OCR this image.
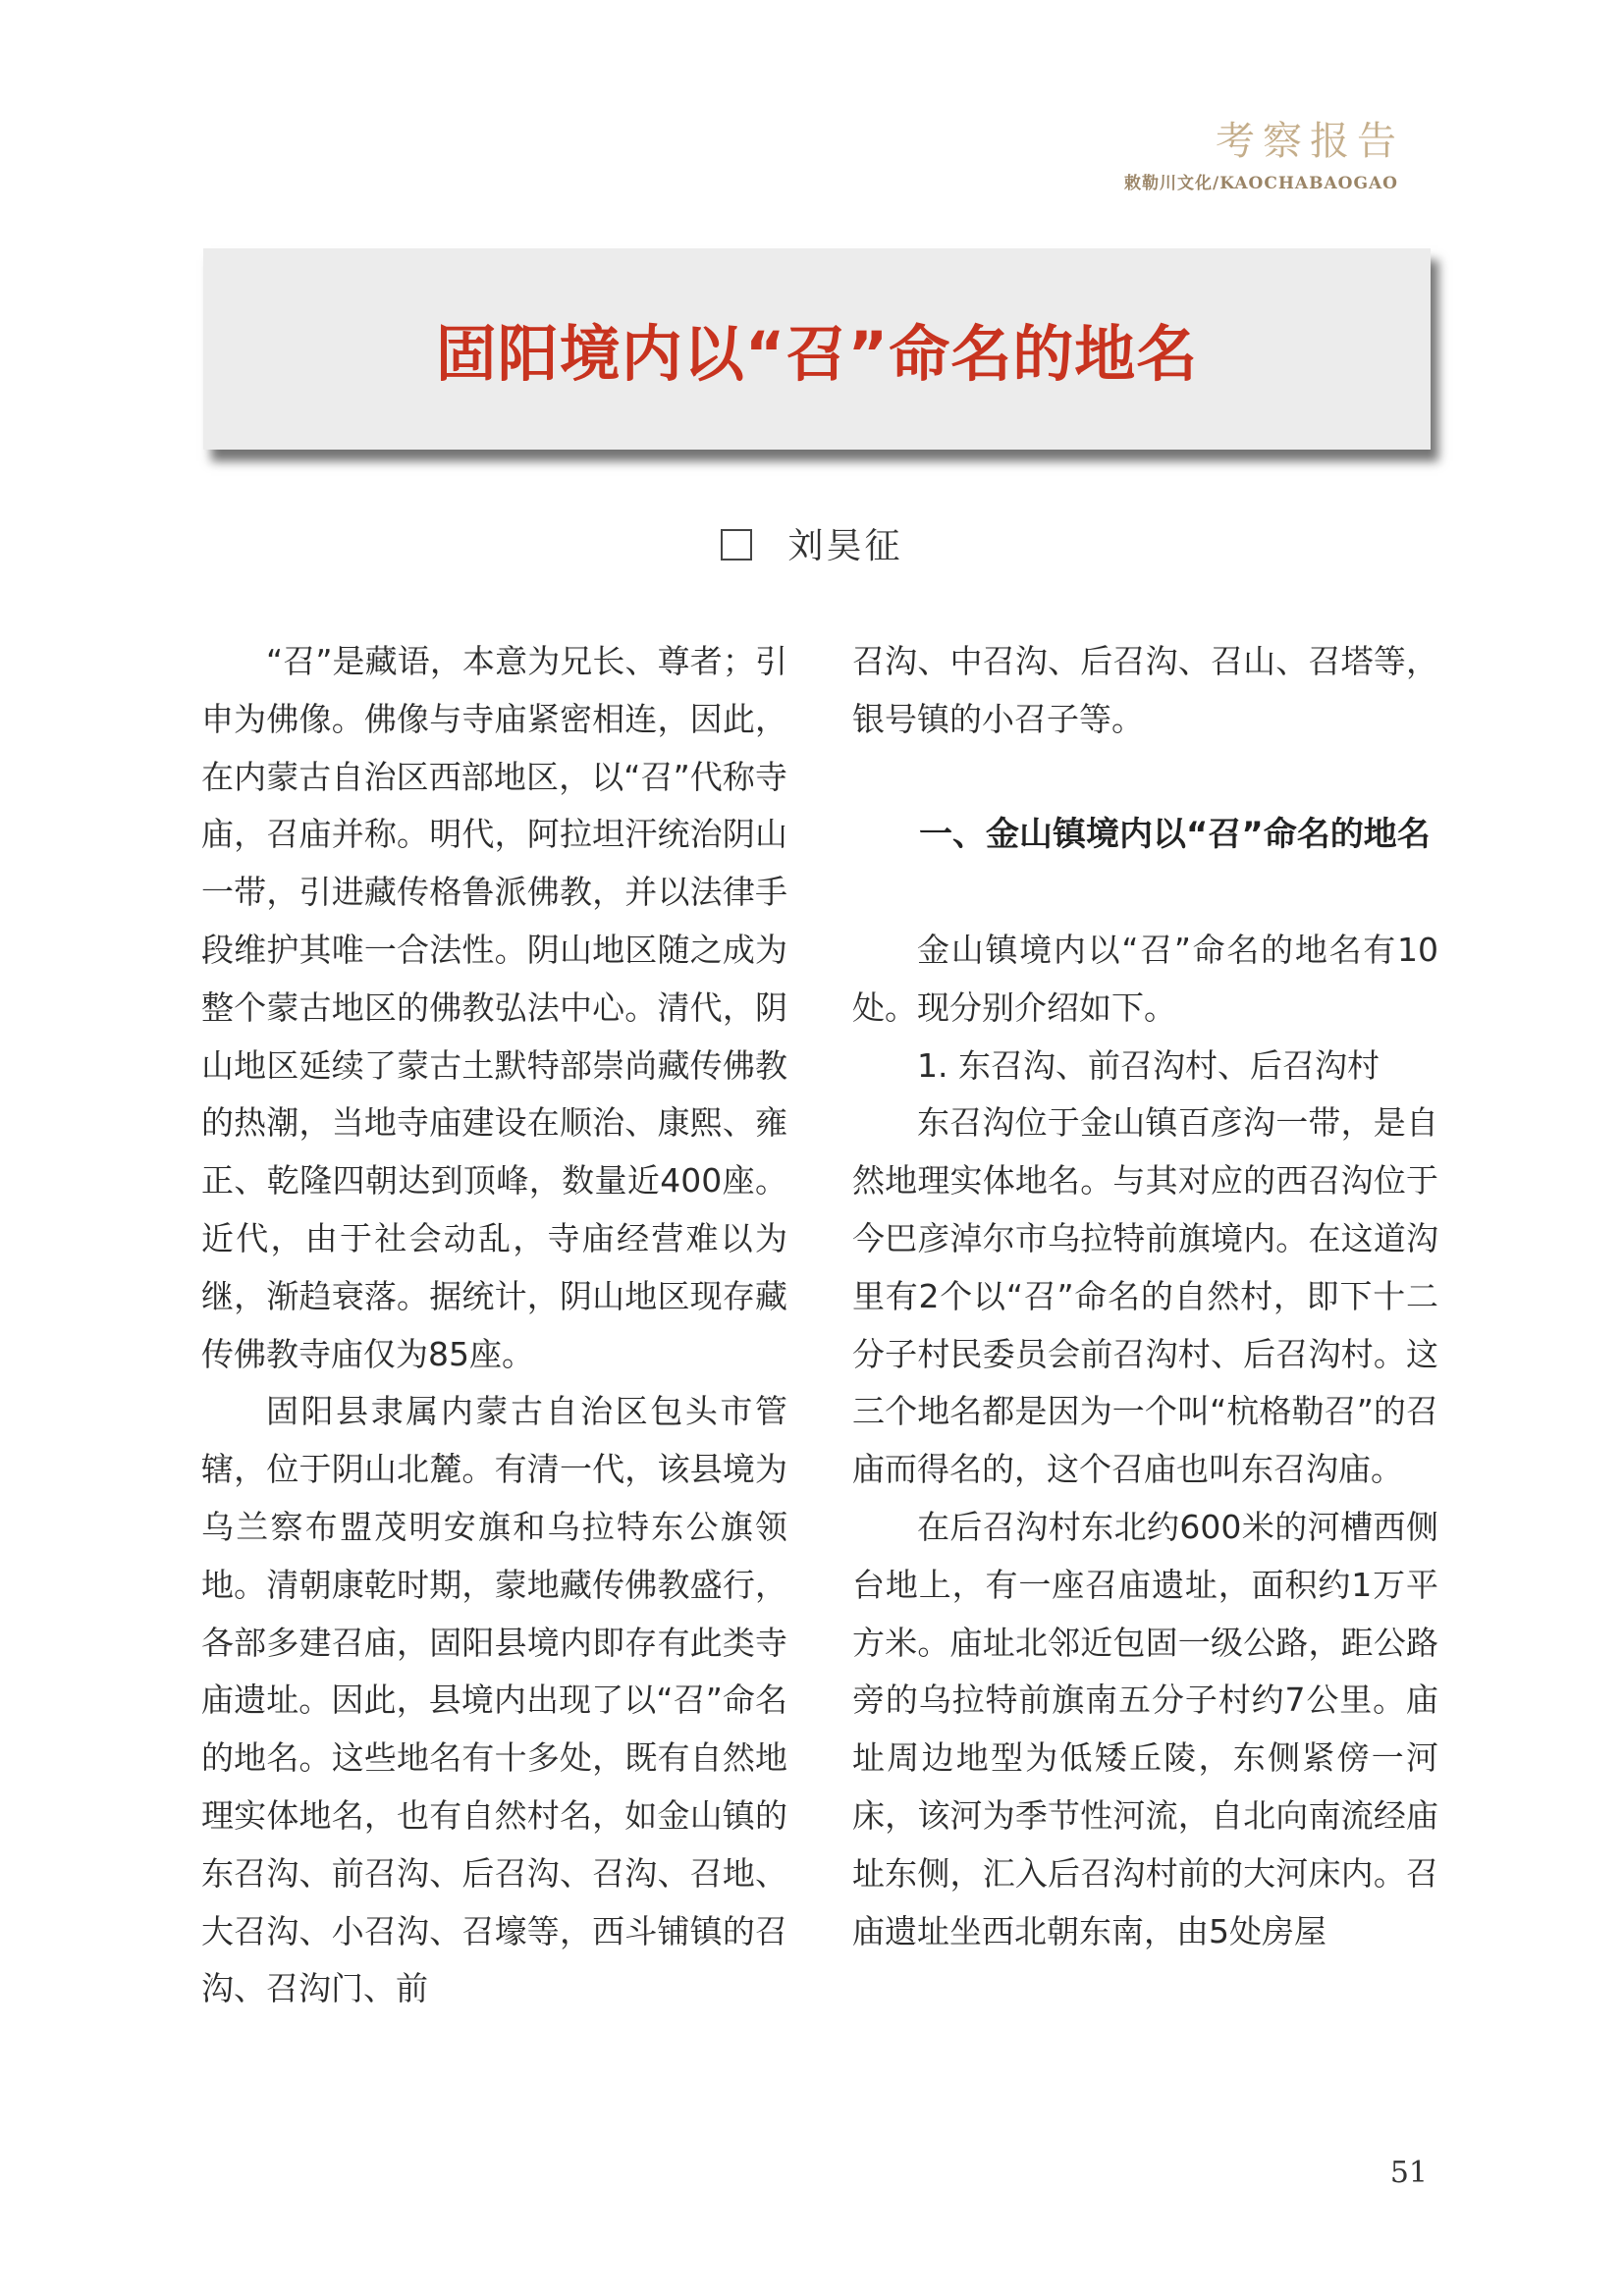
考察报告
敕勒川文化/KAOCHABAOGAO
固阳境内以“召”命名的地名
刘昊征

“召”是藏语，本意为兄长、尊者；引申为佛像。佛像与寺庙紧密相连，因此，在内蒙古自治区西部地区，以“召”代称寺庙，召庙并称。明代，阿拉坦汗统治阴山一带，引进藏传格鲁派佛教，并以法律手段维护其唯一合法性。阴山地区随之成为整个蒙古地区的佛教弘法中心。清代，阴山地区延续了蒙古土默特部崇尚藏传佛教的热潮，当地寺庙建设在顺治、康熙、雍正、乾隆四朝达到顶峰，数量近400座。近代，由于社会动乱，寺庙经营难以为继，渐趋衰落。据统计，阴山地区现存藏传佛教寺庙仅为85座。

固阳县隶属内蒙古自治区包头市管辖，位于阴山北麓。有清一代，该县境为乌兰察布盟茂明安旗和乌拉特东公旗领地。清朝康乾时期，蒙地藏传佛教盛行，各部多建召庙，固阳县境内即存有此类寺庙遗址。因此，县境内出现了以“召”命名的地名。这些地名有十多处，既有自然地理实体地名，也有自然村名，如金山镇的东召沟、前召沟、后召沟、召沟、召地、大召沟、小召沟、召壕等，西斗铺镇的召沟、召沟门、前

召沟、中召沟、后召沟、召山、召塔等，银号镇的小召子等。

一、金山镇境内以“召”命名的地名

金山镇境内以“召”命名的地名有10处。现分别介绍如下。

1. 东召沟、前召沟村、后召沟村

东召沟位于金山镇百彦沟一带，是自然地理实体地名。与其对应的西召沟位于今巴彦淖尔市乌拉特前旗境内。在这道沟里有2个以“召”命名的自然村，即下十二分子村民委员会前召沟村、后召沟村。这三个地名都是因为一个叫“杭格勒召”的召庙而得名的，这个召庙也叫东召沟庙。

在后召沟村东北约600米的河槽西侧台地上，有一座召庙遗址，面积约1万平方米。庙址北邻近包固一级公路，距公路旁的乌拉特前旗南五分子村约7公里。庙址周边地型为低矮丘陵，东侧紧傍一河床，该河为季节性河流，自北向南流经庙址东侧，汇入后召沟村前的大河床内。召庙遗址坐西北朝东南，由5处房屋

51
